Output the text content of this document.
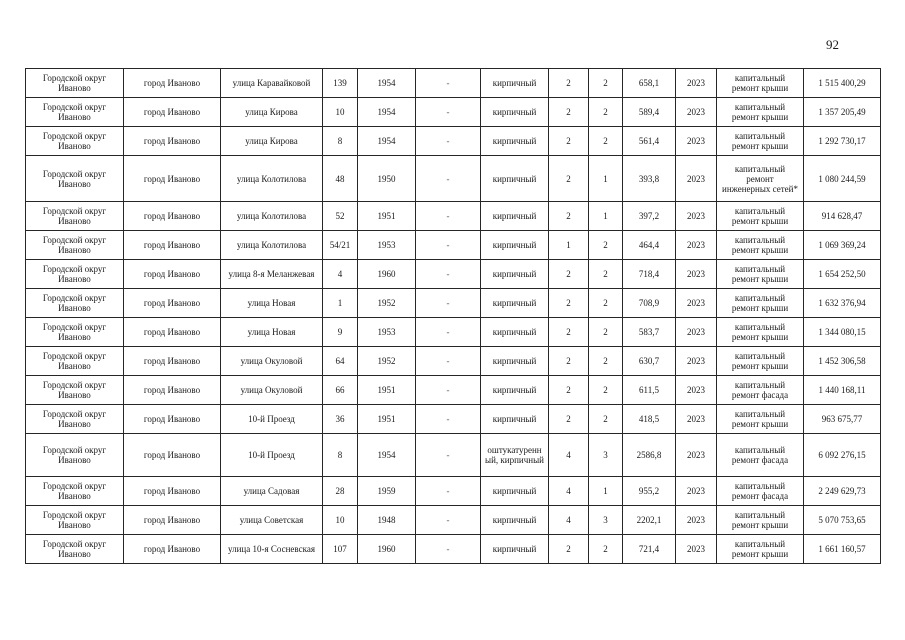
92
Городской округ Иваново	город Иваново	улица Каравайковой	139	1954	-	кирпичный	2	2	658,1	2023	капитальный ремонт крыши	1 515 400,29
Городской округ Иваново	город Иваново	улица Кирова	10	1954	-	кирпичный	2	2	589,4	2023	капитальный ремонт крыши	1 357 205,49
Городской округ Иваново	город Иваново	улица Кирова	8	1954	-	кирпичный	2	2	561,4	2023	капитальный ремонт крыши	1 292 730,17
Городской округ Иваново	город Иваново	улица Колотилова	48	1950	-	кирпичный	2	1	393,8	2023	капитальный ремонт инженерных сетей*	1 080 244,59
Городской округ Иваново	город Иваново	улица Колотилова	52	1951	-	кирпичный	2	1	397,2	2023	капитальный ремонт крыши	914 628,47
Городской округ Иваново	город Иваново	улица Колотилова	54/21	1953	-	кирпичный	1	2	464,4	2023	капитальный ремонт крыши	1 069 369,24
Городской округ Иваново	город Иваново	улица 8-я Меланжевая	4	1960	-	кирпичный	2	2	718,4	2023	капитальный ремонт крыши	1 654 252,50
Городской округ Иваново	город Иваново	улица Новая	1	1952	-	кирпичный	2	2	708,9	2023	капитальный ремонт крыши	1 632 376,94
Городской округ Иваново	город Иваново	улица Новая	9	1953	-	кирпичный	2	2	583,7	2023	капитальный ремонт крыши	1 344 080,15
Городской округ Иваново	город Иваново	улица Окуловой	64	1952	-	кирпичный	2	2	630,7	2023	капитальный ремонт крыши	1 452 306,58
Городской округ Иваново	город Иваново	улица Окуловой	66	1951	-	кирпичный	2	2	611,5	2023	капитальный ремонт фасада	1 440 168,11
Городской округ Иваново	город Иваново	10-й Проезд	36	1951	-	кирпичный	2	2	418,5	2023	капитальный ремонт крыши	963 675,77
Городской округ Иваново	город Иваново	10-й Проезд	8	1954	-	оштукатуренный, кирпичный	4	3	2586,8	2023	капитальный ремонт фасада	6 092 276,15
Городской округ Иваново	город Иваново	улица Садовая	28	1959	-	кирпичный	4	1	955,2	2023	капитальный ремонт фасада	2 249 629,73
Городской округ Иваново	город Иваново	улица Советская	10	1948	-	кирпичный	4	3	2202,1	2023	капитальный ремонт крыши	5 070 753,65
Городской округ Иваново	город Иваново	улица 10-я Сосневская	107	1960	-	кирпичный	2	2	721,4	2023	капитальный ремонт крыши	1 661 160,57
